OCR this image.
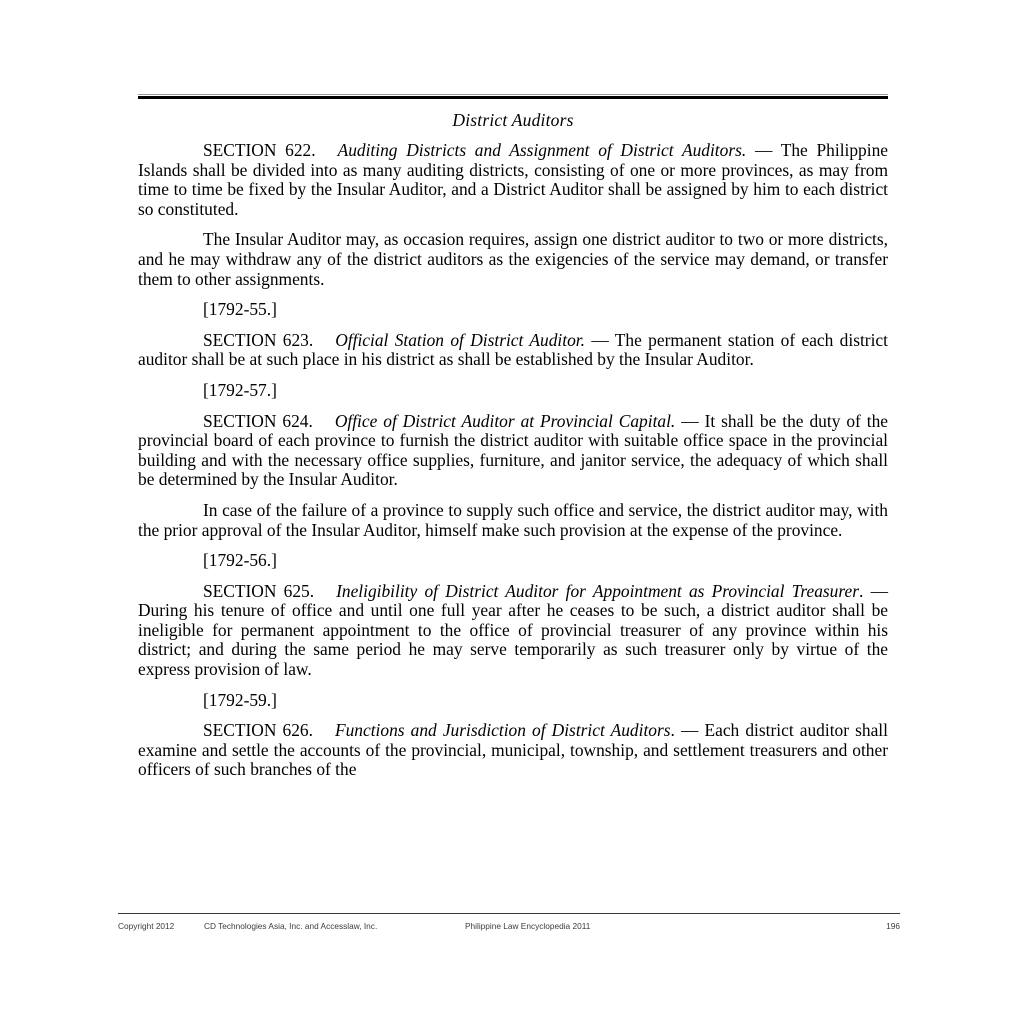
District Auditors

SECTION 622. Auditing Districts and Assignment of District Auditors. — The Philippine Islands shall be divided into as many auditing districts, consisting of one or more provinces, as may from time to time be fixed by the Insular Auditor, and a District Auditor shall be assigned by him to each district so constituted.

The Insular Auditor may, as occasion requires, assign one district auditor to two or more districts, and he may withdraw any of the district auditors as the exigencies of the service may demand, or transfer them to other assignments.

[1792-55.]

SECTION 623. Official Station of District Auditor. — The permanent station of each district auditor shall be at such place in his district as shall be established by the Insular Auditor.

[1792-57.]

SECTION 624. Office of District Auditor at Provincial Capital. — It shall be the duty of the provincial board of each province to furnish the district auditor with suitable office space in the provincial building and with the necessary office supplies, furniture, and janitor service, the adequacy of which shall be determined by the Insular Auditor.

In case of the failure of a province to supply such office and service, the district auditor may, with the prior approval of the Insular Auditor, himself make such provision at the expense of the province.

[1792-56.]

SECTION 625. Ineligibility of District Auditor for Appointment as Provincial Treasurer. — During his tenure of office and until one full year after he ceases to be such, a district auditor shall be ineligible for permanent appointment to the office of provincial treasurer of any province within his district; and during the same period he may serve temporarily as such treasurer only by virtue of the express provision of law.

[1792-59.]

SECTION 626. Functions and Jurisdiction of District Auditors. — Each district auditor shall examine and settle the accounts of the provincial, municipal, township, and settlement treasurers and other officers of such branches of the

Copyright 2012	CD Technologies Asia, Inc. and Accesslaw, Inc.	Philippine Law Encyclopedia 2011	196
